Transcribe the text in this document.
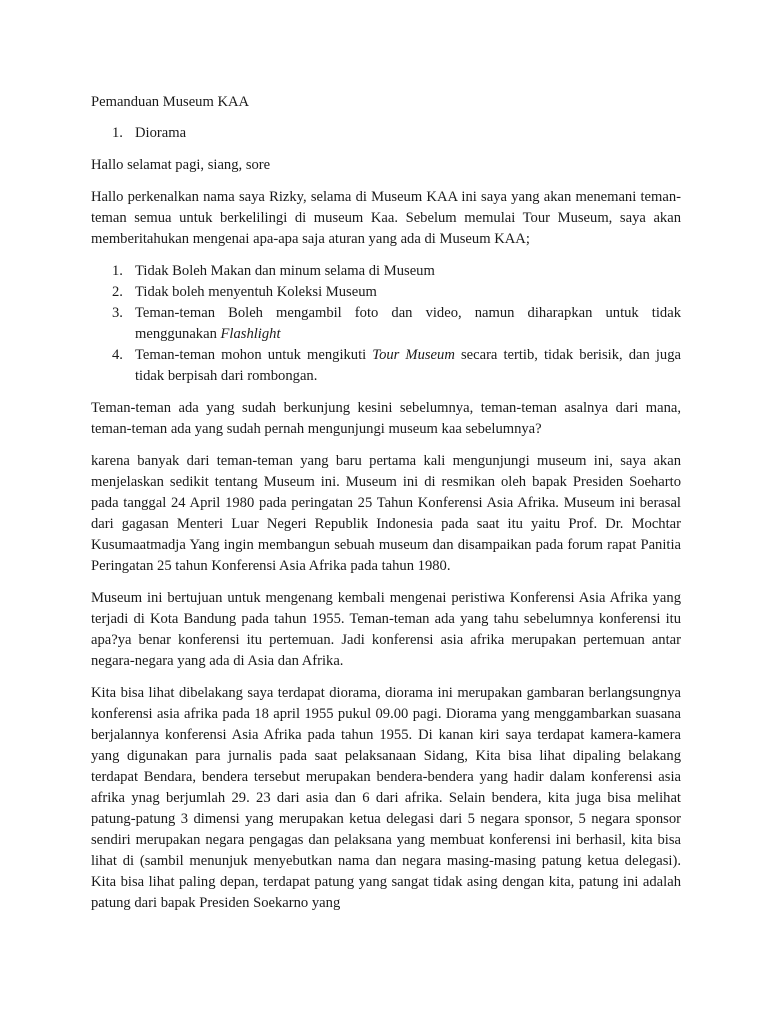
Pemanduan Museum KAA
1. Diorama
Hallo selamat pagi, siang, sore

Hallo perkenalkan nama saya Rizky, selama di Museum KAA ini saya yang akan menemani teman-teman semua untuk berkelilingi di museum Kaa. Sebelum memulai Tour Museum, saya akan memberitahukan mengenai apa-apa saja aturan yang ada di Museum KAA;

1. Tidak Boleh Makan dan minum selama di Museum
2. Tidak boleh menyentuh Koleksi Museum
3. Teman-teman Boleh mengambil foto dan video, namun diharapkan untuk tidak menggunakan Flashlight
4. Teman-teman mohon untuk mengikuti Tour Museum secara tertib, tidak berisik, dan juga tidak berpisah dari rombongan.

Teman-teman ada yang sudah berkunjung kesini sebelumnya, teman-teman asalnya dari mana, teman-teman ada yang sudah pernah mengunjungi museum kaa sebelumnya?

karena banyak dari teman-teman yang baru pertama kali mengunjungi museum ini, saya akan menjelaskan sedikit tentang Museum ini. Museum ini di resmikan oleh bapak Presiden Soeharto pada tanggal 24 April 1980 pada peringatan 25 Tahun Konferensi Asia Afrika. Museum ini berasal dari gagasan Menteri Luar Negeri Republik Indonesia pada saat itu yaitu Prof. Dr. Mochtar Kusumaatmadja Yang ingin membangun sebuah museum dan disampaikan pada forum rapat Panitia Peringatan 25 tahun Konferensi Asia Afrika pada tahun 1980.

Museum ini bertujuan untuk mengenang kembali mengenai peristiwa Konferensi Asia Afrika yang terjadi di Kota Bandung pada tahun 1955. Teman-teman ada yang tahu sebelumnya konferensi itu apa?ya benar konferensi itu pertemuan. Jadi konferensi asia afrika merupakan pertemuan antar negara-negara yang ada di Asia dan Afrika.

Kita bisa lihat dibelakang saya terdapat diorama, diorama ini merupakan gambaran berlangsungnya konferensi asia afrika pada 18 april 1955 pukul 09.00 pagi. Diorama yang menggambarkan suasana berjalannya konferensi Asia Afrika pada tahun 1955. Di kanan kiri saya terdapat kamera-kamera yang digunakan para jurnalis pada saat pelaksanaan Sidang, Kita bisa lihat dipaling belakang terdapat Bendara, bendera tersebut merupakan bendera-bendera yang hadir dalam konferensi asia afrika ynag berjumlah 29. 23 dari asia dan 6 dari afrika. Selain bendera, kita juga bisa melihat patung-patung 3 dimensi yang merupakan ketua delegasi dari 5 negara sponsor, 5 negara sponsor sendiri merupakan negara pengagas dan pelaksana yang membuat konferensi ini berhasil, kita bisa lihat di (sambil menunjuk menyebutkan nama dan negara masing-masing patung ketua delegasi). Kita bisa lihat paling depan, terdapat patung yang sangat tidak asing dengan kita, patung ini adalah patung dari bapak Presiden Soekarno yang
